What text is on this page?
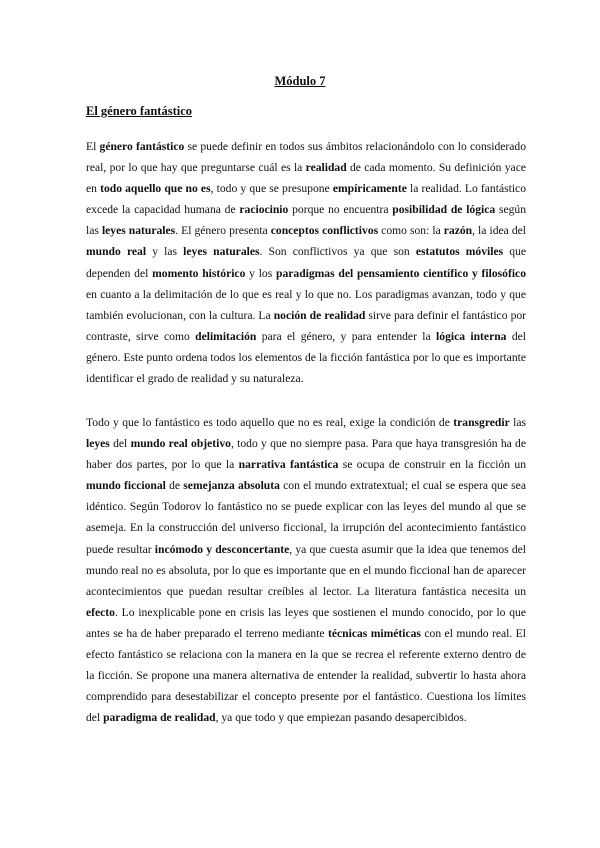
Módulo 7
El género fantástico

El género fantástico se puede definir en todos sus ámbitos relacionándolo con lo considerado real, por lo que hay que preguntarse cuál es la realidad de cada momento. Su definición yace en todo aquello que no es, todo y que se presupone empíricamente la realidad. Lo fantástico excede la capacidad humana de raciocinio porque no encuentra posibilidad de lógica según las leyes naturales. El género presenta conceptos conflictivos como son: la razón, la idea del mundo real y las leyes naturales. Son conflictivos ya que son estatutos móviles que dependen del momento histórico y los paradigmas del pensamiento científico y filosófico en cuanto a la delimitación de lo que es real y lo que no. Los paradigmas avanzan, todo y que también evolucionan, con la cultura. La noción de realidad sirve para definir el fantástico por contraste, sirve como delimitación para el género, y para entender la lógica interna del género. Este punto ordena todos los elementos de la ficción fantástica por lo que es importante identificar el grado de realidad y su naturaleza.

Todo y que lo fantástico es todo aquello que no es real, exige la condición de transgredir las leyes del mundo real objetivo, todo y que no siempre pasa. Para que haya transgresión ha de haber dos partes, por lo que la narrativa fantástica se ocupa de construir en la ficción un mundo ficcional de semejanza absoluta con el mundo extratextual; el cual se espera que sea idéntico. Según Todorov lo fantástico no se puede explicar con las leyes del mundo al que se asemeja. En la construcción del universo ficcional, la irrupción del acontecimiento fantástico puede resultar incómodo y desconcertante, ya que cuesta asumir que la idea que tenemos del mundo real no es absoluta, por lo que es importante que en el mundo ficcional han de aparecer acontecimientos que puedan resultar creíbles al lector. La literatura fantástica necesita un efecto. Lo inexplicable pone en crisis las leyes que sostienen el mundo conocido, por lo que antes se ha de haber preparado el terreno mediante técnicas miméticas con el mundo real. El efecto fantástico se relaciona con la manera en la que se recrea el referente externo dentro de la ficción. Se propone una manera alternativa de entender la realidad, subvertir lo hasta ahora comprendido para desestabilizar el concepto presente por el fantástico. Cuestiona los límites del paradigma de realidad, ya que todo y que empiezan pasando desapercibidos.
